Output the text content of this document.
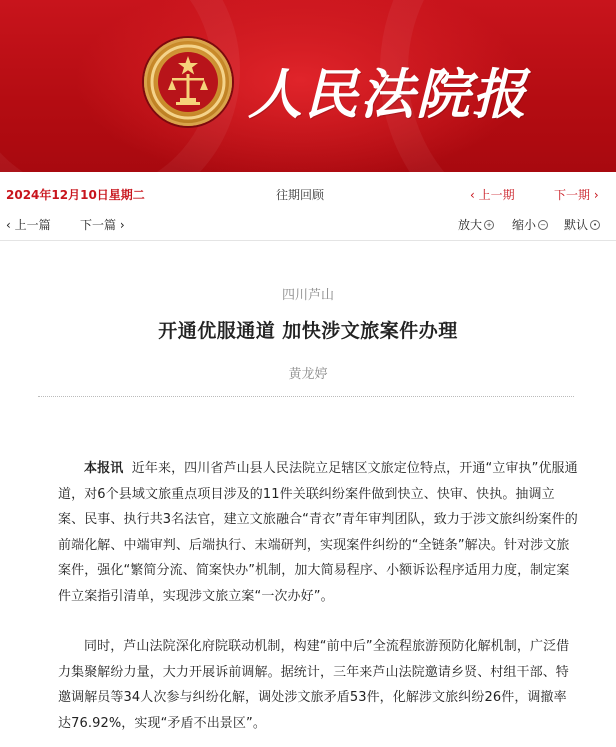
人民法院报
2024年12月10日星期二	往期回顾	‹ 上一期	下一期 ›
‹ 上一篇 下一篇 ›	放大 + 缩小 − 默认 •
四川芦山
开通优服通道 加快涉文旅案件办理
黄龙婷

本报讯 近年来，四川省芦山县人民法院立足辖区文旅定位特点，开通“立审执”优服通道，对6个县域文旅重点项目涉及的11件关联纠纷案件做到快立、快审、快执。抽调立案、民事、执行共3名法官，建立文旅融合“青衣”青年审判团队，致力于涉文旅纠纷案件的前端化解、中端审判、后端执行、末端研判，实现案件纠纷的“全链条”解决。针对涉文旅案件，强化“繁简分流、简案快办”机制，加大简易程序、小额诉讼程序适用力度，制定案件立案指引清单，实现涉文旅立案“一次办好”。

同时，芦山法院深化府院联动机制，构建“前中后”全流程旅游预防化解机制，广泛借力集聚解纷力量，大力开展诉前调解。据统计，三年来芦山法院邀请乡贤、村组干部、特邀调解员等34人次参与纠纷化解，调处涉文旅矛盾53件，化解涉文旅纠纷26件，调撤率达76.92%，实现“矛盾不出景区”。
